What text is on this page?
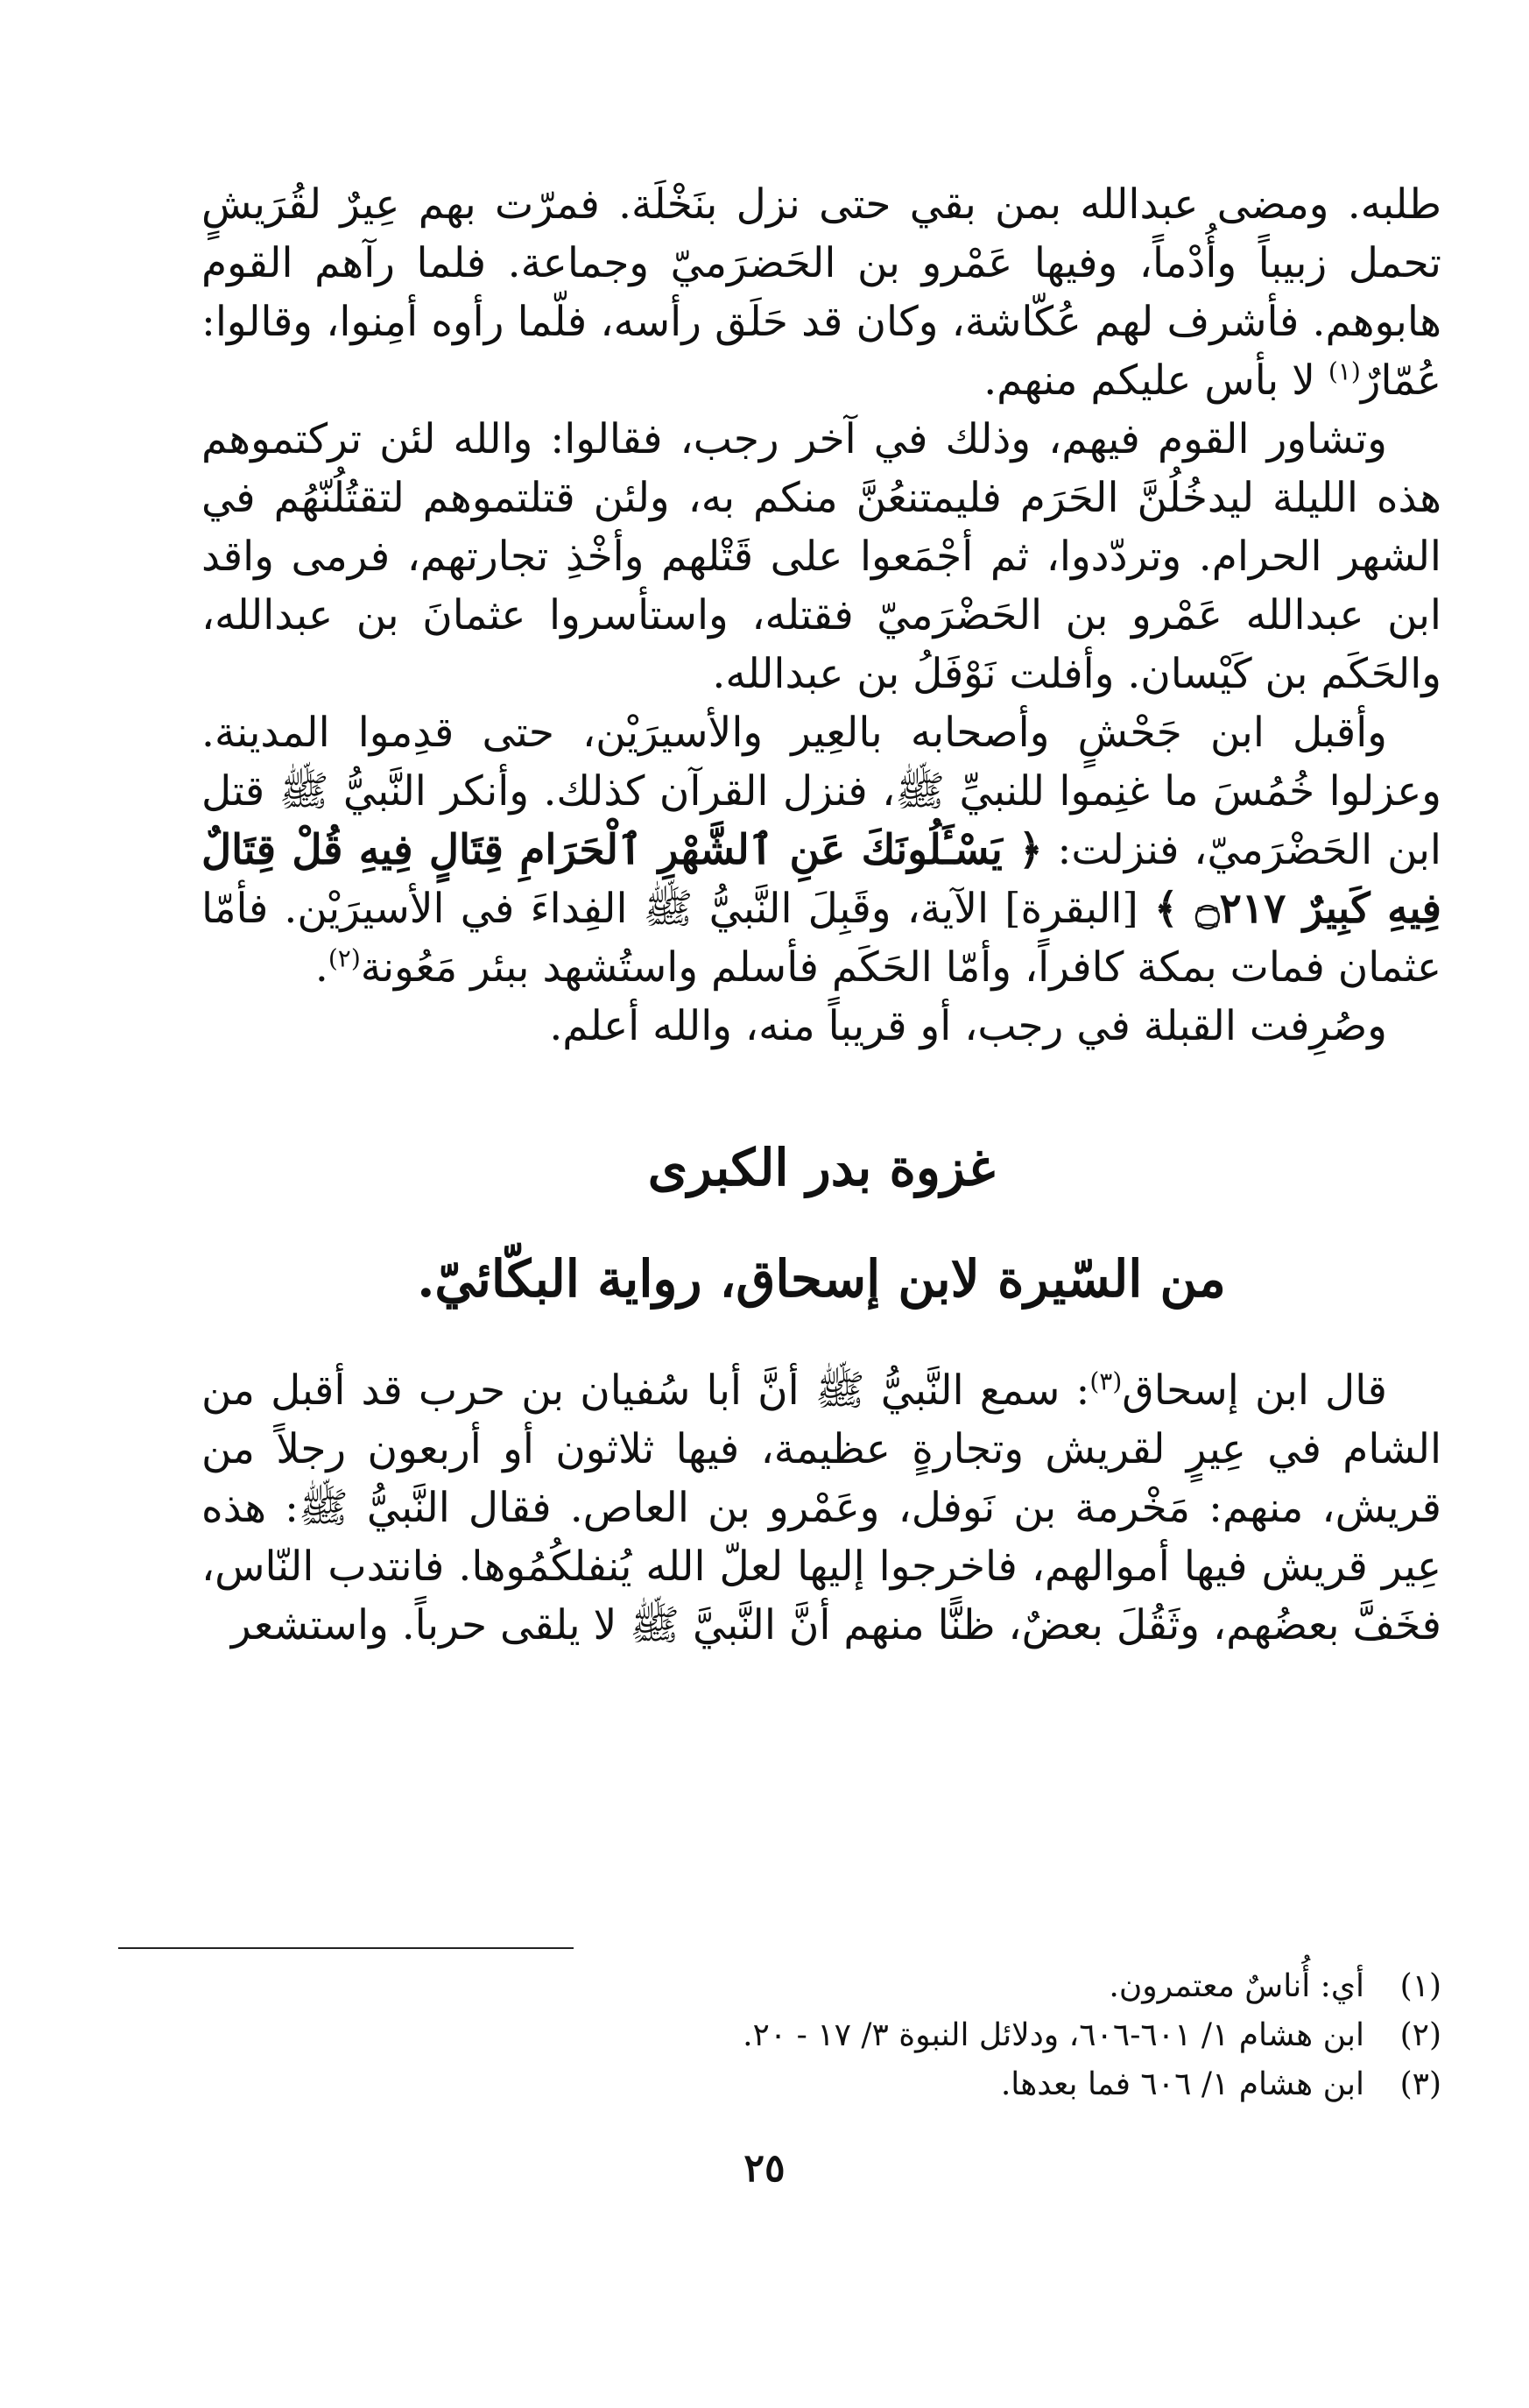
طلبه. ومضى عبدالله بمن بقي حتى نزل بنَخْلَة. فمرّت بهم عِيرٌ لقُرَيشٍ تحمل زبيباً وأُدْماً، وفيها عَمْرو بن الحَضرَميّ وجماعة. فلما رآهم القوم هابوهم. فأشرف لهم عُكّاشة، وكان قد حَلَق رأسه، فلّما رأوه أمِنوا، وقالوا: عُمّارٌ$^{(١)}$ لا بأس عليكم منهم.

وتشاور القوم فيهم، وذلك في آخر رجب، فقالوا: والله لئن تركتموهم هذه الليلة ليدخُلُنَّ الحَرَم فليمتنعُنَّ منكم به، ولئن قتلتموهم لتقتُلُنّهُم في الشهر الحرام. وتردّدوا، ثم أجْمَعوا على قَتْلهم وأخْذِ تجارتهم، فرمى واقد ابن عبدالله عَمْرو بن الحَضْرَميّ فقتله، واستأسروا عثمانَ بن عبدالله، والحَكَم بن كَيْسان. وأفلت نَوْفَلُ بن عبدالله.

وأقبل ابن جَحْشٍ وأصحابه بالعِير والأسيرَيْن، حتى قدِموا المدينة. وعزلوا خُمُسَ ما غنِموا للنبيِّ ﷺ، فنزل القرآن كذلك. وأنكر النَّبيُّ ﷺ قتل ابن الحَضْرَميّ، فنزلت: ﴿ يَسْـَٔلُونَكَ عَنِ ٱلشَّهْرِ ٱلْحَرَامِ قِتَالٍ فِيهِ قُلْ قِتَالٌ فِيهِ كَبِيرٌ ۝٢١٧ ﴾ [البقرة] الآية، وقَبِلَ النَّبيُّ ﷺ الفِداءَ في الأسيرَيْن. فأمّا عثمان فمات بمكة كافراً، وأمّا الحَكَم فأسلم واستُشهد ببئر مَعُونة$^{(٢)}$.

وصُرِفت القبلة في رجب، أو قريباً منه، والله أعلم.

غزوة بدر الكبرى
من السّيرة لابن إسحاق، رواية البكّائيّ.

قال ابن إسحاق$^{(٣)}$: سمع النَّبيُّ ﷺ أنَّ أبا سُفيان بن حرب قد أقبل من الشام في عِيرٍ لقريش وتجارةٍ عظيمة، فيها ثلاثون أو أربعون رجلاً من قريش، منهم: مَخْرمة بن نَوفل، وعَمْرو بن العاص. فقال النَّبيُّ ﷺ: هذه عِير قريش فيها أموالهم، فاخرجوا إليها لعلّ الله يُنفلكُمُوها. فانتدب النّاس، فخَفَّ بعضُهم، وثَقُلَ بعضٌ، ظنًّا منهم أنَّ النَّبيَّ ﷺ لا يلقى حرباً. واستشعر

(١)
أي: أُناسٌ معتمرون.

(٢)
ابن هشام ١/ ٦٠١-٦٠٦، ودلائل النبوة ٣/ ١٧ - ٢٠.

(٣)
ابن هشام ١/ ٦٠٦ فما بعدها.

٢٥
